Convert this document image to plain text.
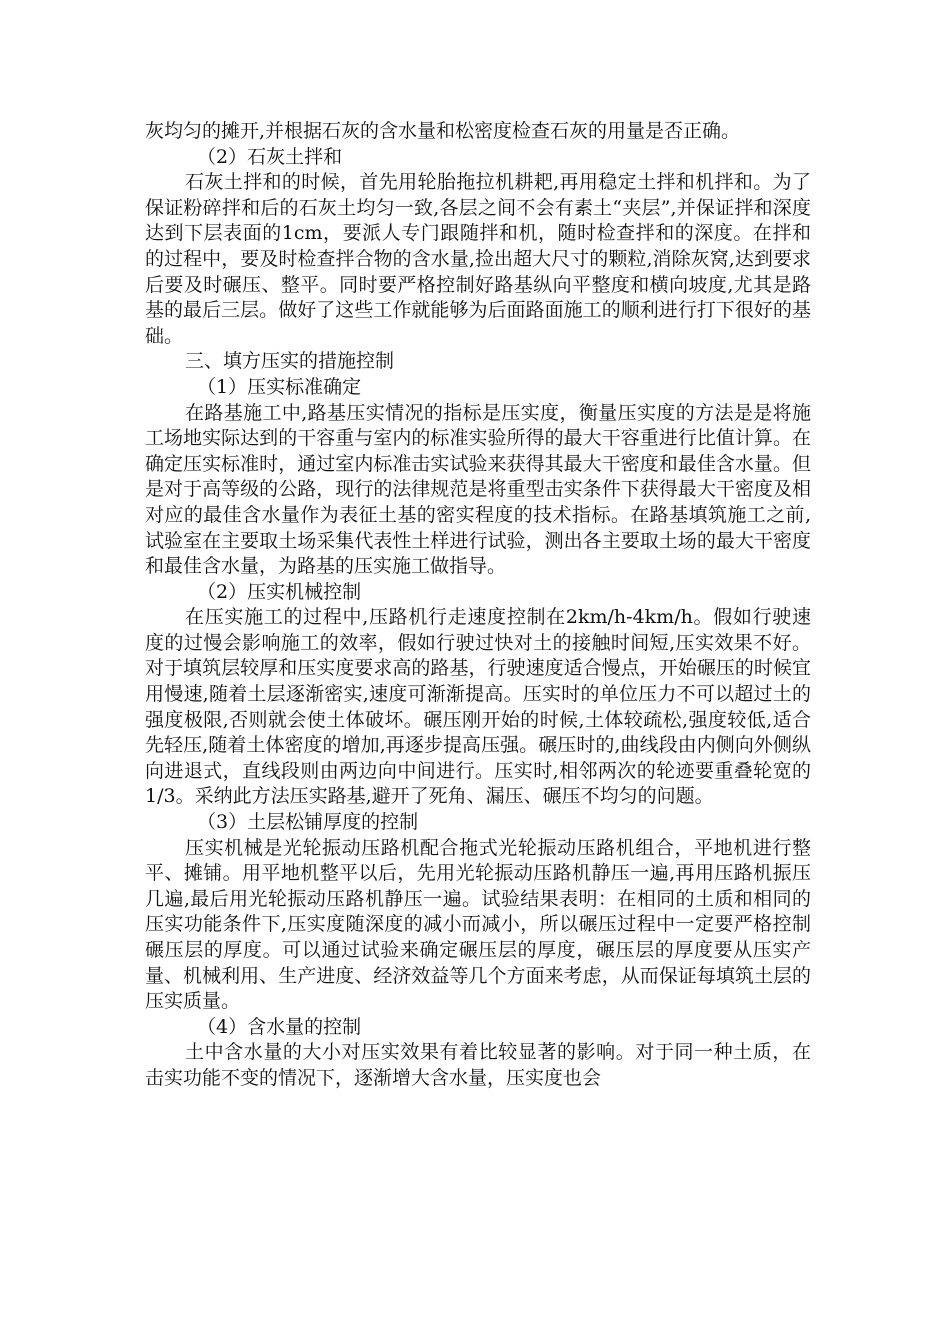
灰均匀的摊开,并根据石灰的含水量和松密度检查石灰的用量是否正确。

（2）石灰土拌和

石灰土拌和的时候，首先用轮胎拖拉机耕耙,再用稳定土拌和机拌和。为了保证粉碎拌和后的石灰土均匀一致,各层之间不会有素土“夹层”,并保证拌和深度达到下层表面的1cm，要派人专门跟随拌和机，随时检查拌和的深度。在拌和的过程中，要及时检查拌合物的含水量,捡出超大尺寸的颗粒,消除灰窝,达到要求后要及时碾压、整平。同时要严格控制好路基纵向平整度和横向坡度,尤其是路基的最后三层。做好了这些工作就能够为后面路面施工的顺利进行打下很好的基础。

三、填方压实的措施控制

（1）压实标准确定

在路基施工中,路基压实情况的指标是压实度，衡量压实度的方法是是将施工场地实际达到的干容重与室内的标准实验所得的最大干容重进行比值计算。在确定压实标准时，通过室内标准击实试验来获得其最大干密度和最佳含水量。但是对于高等级的公路，现行的法律规范是将重型击实条件下获得最大干密度及相对应的最佳含水量作为表征土基的密实程度的技术指标。在路基填筑施工之前,试验室在主要取土场采集代表性土样进行试验，测出各主要取土场的最大干密度和最佳含水量，为路基的压实施工做指导。

（2）压实机械控制

在压实施工的过程中,压路机行走速度控制在2km/h-4km/h。假如行驶速度的过慢会影响施工的效率，假如行驶过快对土的接触时间短,压实效果不好。对于填筑层较厚和压实度要求高的路基，行驶速度适合慢点，开始碾压的时候宜用慢速,随着土层逐渐密实,速度可渐渐提高。压实时的单位压力不可以超过土的强度极限,否则就会使土体破坏。碾压刚开始的时候,土体较疏松,强度较低,适合先轻压,随着土体密度的增加,再逐步提高压强。碾压时的,曲线段由内侧向外侧纵向进退式，直线段则由两边向中间进行。压实时,相邻两次的轮迹要重叠轮宽的1/3。采纳此方法压实路基,避开了死角、漏压、碾压不均匀的问题。

（3）土层松铺厚度的控制

压实机械是光轮振动压路机配合拖式光轮振动压路机组合，平地机进行整平、摊铺。用平地机整平以后，先用光轮振动压路机静压一遍,再用压路机振压几遍,最后用光轮振动压路机静压一遍。试验结果表明：在相同的土质和相同的压实功能条件下,压实度随深度的减小而减小，所以碾压过程中一定要严格控制碾压层的厚度。可以通过试验来确定碾压层的厚度，碾压层的厚度要从压实产量、机械利用、生产进度、经济效益等几个方面来考虑，从而保证每填筑土层的压实质量。

（4）含水量的控制

土中含水量的大小对压实效果有着比较显著的影响。对于同一种土质，在击实功能不变的情况下，逐渐增大含水量，压实度也会
